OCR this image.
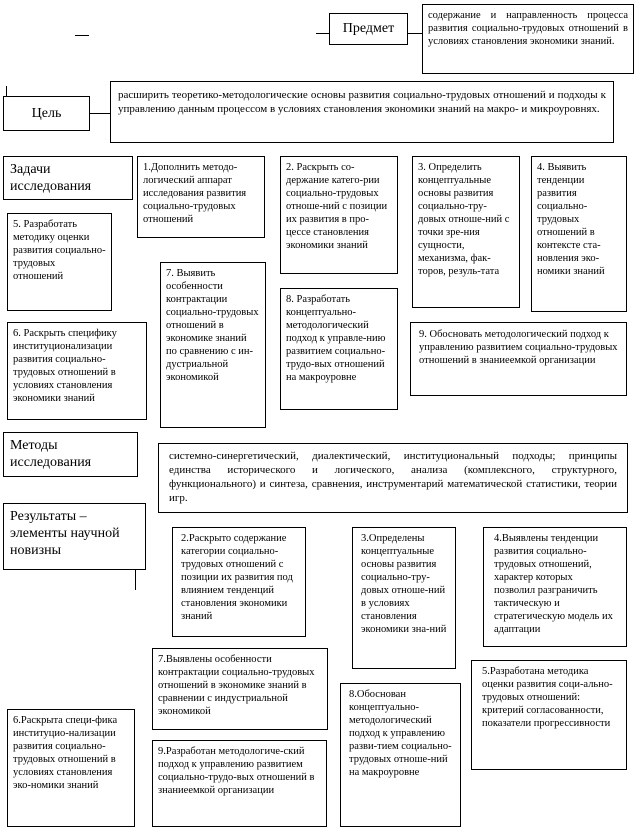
Предмет
содержание и направленность процесса развития социально-трудовых отношений в условиях становления экономики знаний.
Цель
расширить теоретико-методологические основы развития социально-трудовых отношений и подходы к управлению данным процессом в условиях становления экономики знаний на макро- и микроуровнях.
Задачи исследования
1.Дополнить методо-логический аппарат исследования развития социально-трудовых отношений
2. Раскрыть со-держание катего-рии социально-трудовых отноше-ний с позиции их развития в про-цессе становления экономики знаний
3. Определить концептуальные основы развития социально-тру-довых отноше-ний с точки зре-ния сущности, механизма, фак-торов, резуль-тата
4. Выявить тенденции развития социально-трудовых отношений в контексте ста-новления эко-номики знаний
5. Разработать методику оценки развития социально-трудовых отношений	7. Выявить особенности контрактации социально-трудовых отношений в экономике знаний по сравнению с ин-дустриальной экономикой
8. Разработать концептуально-методологический подход к управле-нию развитием социально-трудо-вых отношений на макроуровне
6. Раскрыть специфику институционализации развития социально-трудовых отношений в условиях становления экономики знаний
9. Обосновать методологический подход к управлению развитием социально-трудовых отношений в знаниеемкой организации
Методы исследования	системно-синергетический, диалектический, институциональный подходы; принципы единства исторического и логического, анализа (комплексного, структурного, функционального) и синтеза, сравнения, инструментарий математической статистики, теории игр.
Результаты – элементы научной новизны
2.Раскрыто содержание категории социально-трудовых отношений с позиции их развития под влиянием тенденций становления экономики знаний
3.Определены концептуальные основы развития социально-тру-довых отноше-ний в условиях становления экономики зна-ний
4.Выявлены тенденции развития социально-трудовых отношений, характер которых позволил разграничить тактическую и стратегическую модель их адаптации
7.Выявлены особенности контрактации социально-трудовых отношений в экономике знаний в сравнении с индустриальной экономикой
5.Разработана методика оценки развития соци-ально-трудовых отношений: критерий согласованности, показатели прогрессивности
8.Обоснован концептуально-методологический подход к управлению разви-тием социально-трудовых отноше-ний на макроуровне
6.Раскрыта специ-фика институцио-нализации развития социально-трудовых отношений в условиях становления эко-номики знаний
9.Разработан методологиче-ский подход к управлению развитием социально-трудо-вых отношений в знаниеемкой организации
